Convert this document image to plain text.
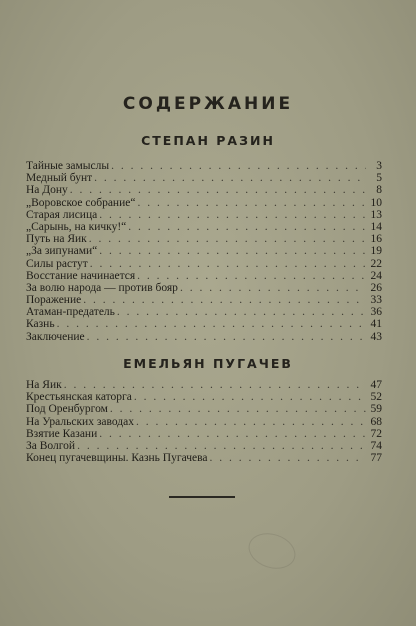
СОДЕРЖАНИЕ
СТЕПАН РАЗИН
Тайные замыслы . . .	3
Медный бунт . . .	5
На Дону . . .	8
„Воровское собрание“ . . .	10
Старая лисица . . .	13
„Сарынь, на кичку!“ . . .	14
Путь на Яик . . .	16
„За зипунами“ . . .	19
Силы растут . . .	22
Восстание начинается . . .	24
За волю народа — против бояр . . .	26
Поражение . . .	33
Атаман-предатель . . .	36
Казнь . . .	41
Заключение . . .	43
ЕМЕЛЬЯН ПУГАЧЕВ
На Яик . . .	47
Крестьянская каторга . . .	52
Под Оренбургом . . .	59
На Уральских заводах . . .	68
Взятие Казани . . .	72
За Волгой . . .	74
Конец пугачевщины. Казнь Пугачева . . .	77
